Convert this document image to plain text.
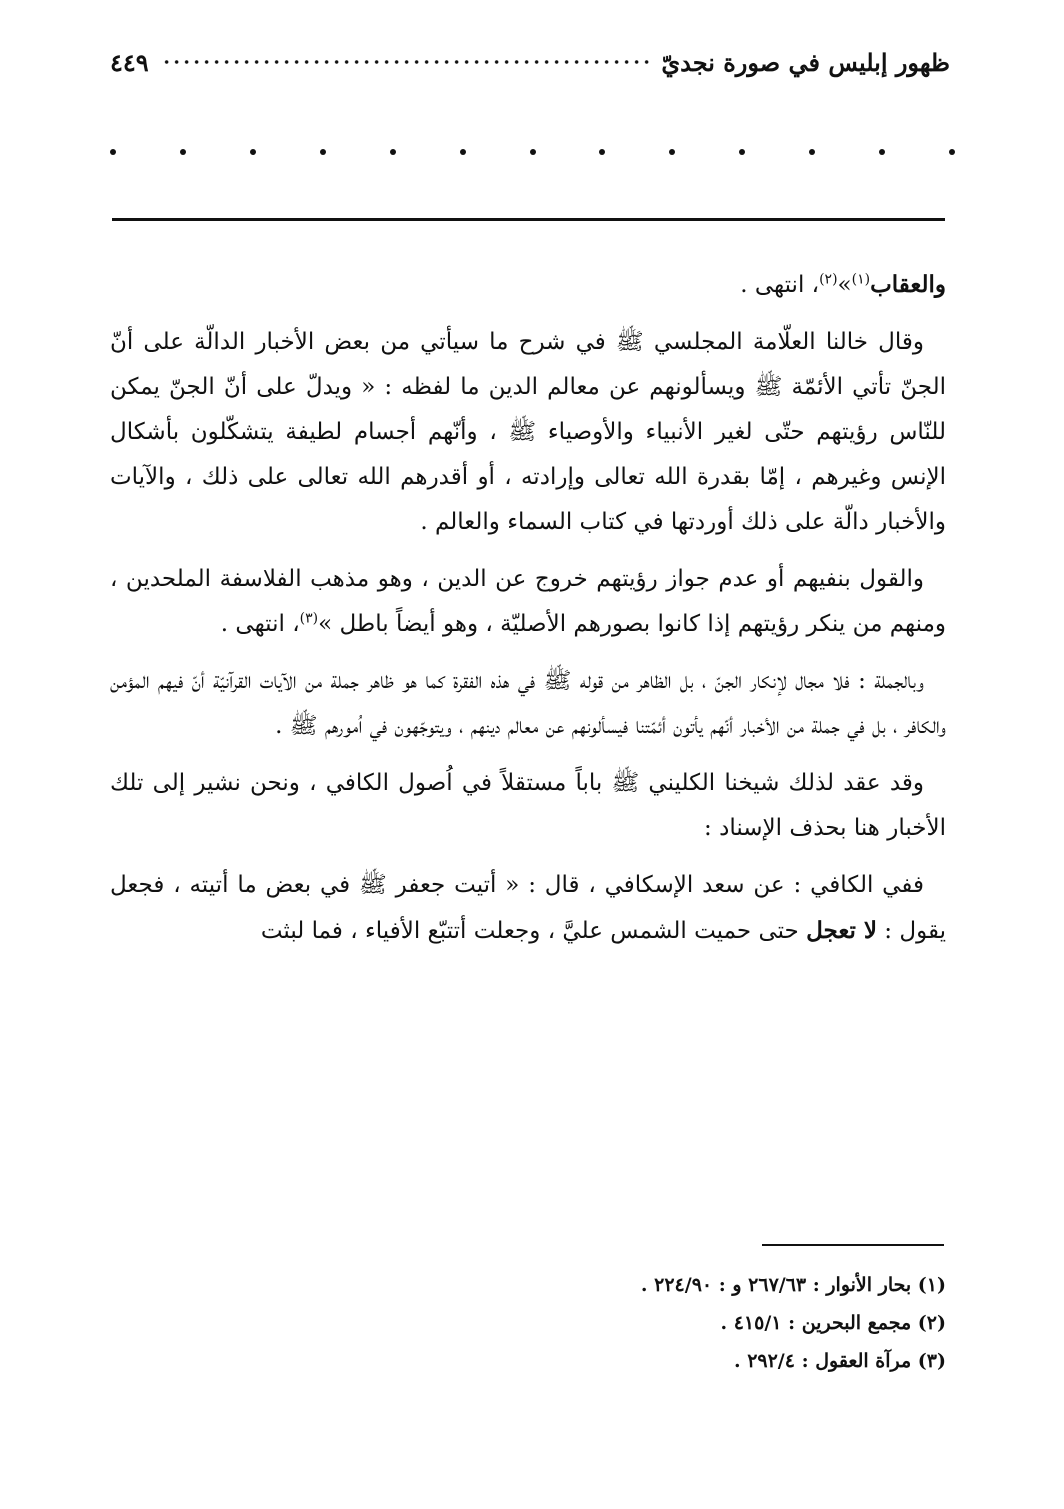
ظهور إبليس في صورة نجديّ
٤٤٩

والعقاب$^{(١)}$»$^{(٢)}$، انتهى .

وقال خالنا العلّامة المجلسي ﷺ في شرح ما سيأتي من بعض الأخبار الدالّة على أنّ الجنّ تأتي الأئمّة ﷺ ويسألونهم عن معالم الدين ما لفظه : « ويدلّ على أنّ الجنّ يمكن للنّاس رؤيتهم حتّى لغير الأنبياء والأوصياء ﷺ ، وأنّهم أجسام لطيفة يتشكّلون بأشكال الإنس وغيرهم ، إمّا بقدرة الله تعالى وإرادته ، أو أقدرهم الله تعالى على ذلك ، والآيات والأخبار دالّة على ذلك أوردتها في كتاب السماء والعالم .

والقول بنفيهم أو عدم جواز رؤيتهم خروج عن الدين ، وهو مذهب الفلاسفة الملحدين ، ومنهم من ينكر رؤيتهم إذا كانوا بصورهم الأصليّة ، وهو أيضاً باطل »$^{(٣)}$، انتهى .

وبالجملة : فلا مجال لإنكار الجنّ ، بل الظاهر من قوله ﷺ في هذه الفقرة كما هو ظاهر جملة من الآيات القرآنيّة أنّ فيهم المؤمن والكافر ، بل في جملة من الأخبار أنّهم يأتون أئمّتنا فيسألونهم عن معالم دينهم ، ويتوجّهون في اُمورهم ﷺ .

وقد عقد لذلك شيخنا الكليني ﷺ باباً مستقلاً في اُصول الكافي ، ونحن نشير إلى تلك الأخبار هنا بحذف الإسناد :

ففي الكافي : عن سعد الإسكافي ، قال : « أتيت جعفر ﷺ في بعض ما أتيته ، فجعل يقول : لا تعجل حتى حميت الشمس عليَّ ، وجعلت أتتبّع الأفياء ، فما لبثت

(١) بحار الأنوار : ٢٦٧/٦٣ و : ٢٢٤/٩٠ .
(٢) مجمع البحرين : ٤١٥/١ .
(٣) مرآة العقول : ٢٩٢/٤ .
